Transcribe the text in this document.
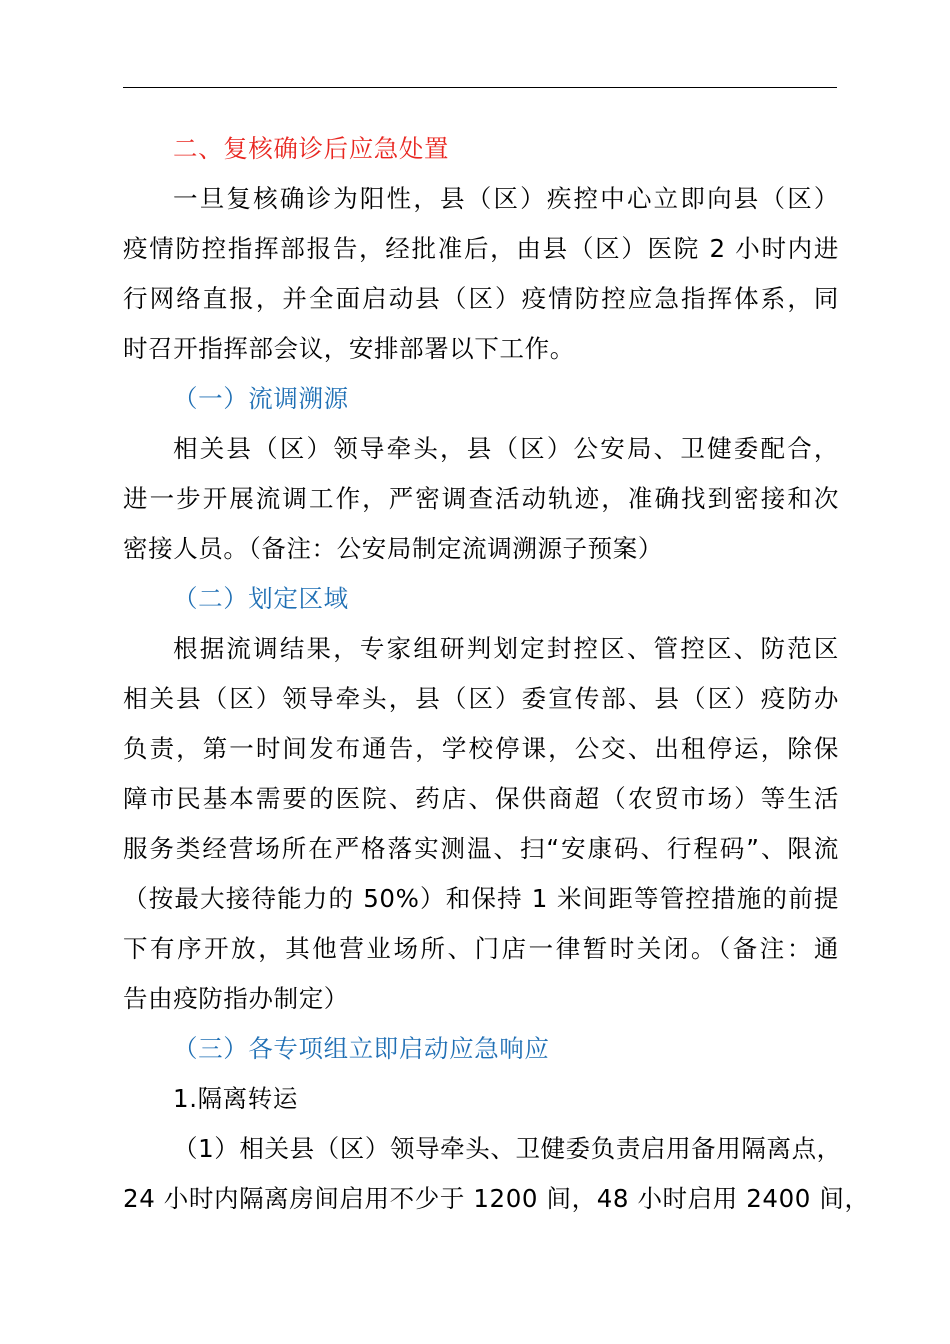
二、复核确诊后应急处置
一旦复核确诊为阳性，县（区）疾控中心立即向县（区）
疫情防控指挥部报告，经批准后，由县（区）医院 2 小时内进
行网络直报，并全面启动县（区）疫情防控应急指挥体系，同
时召开指挥部会议，安排部署以下工作。
（一）流调溯源
相关县（区）领导牵头，县（区）公安局、卫健委配合，
进一步开展流调工作，严密调查活动轨迹，准确找到密接和次
密接人员。（备注：公安局制定流调溯源子预案）
（二）划定区域
根据流调结果，专家组研判划定封控区、管控区、防范区
相关县（区）领导牵头，县（区）委宣传部、县（区）疫防办
负责，第一时间发布通告，学校停课，公交、出租停运，除保
障市民基本需要的医院、药店、保供商超（农贸市场）等生活
服务类经营场所在严格落实测温、扫“安康码、行程码”、限流
（按最大接待能力的 50%）和保持 1 米间距等管控措施的前提
下有序开放，其他营业场所、门店一律暂时关闭。（备注：通
告由疫防指办制定）
（三）各专项组立即启动应急响应
1.隔离转运
（1）相关县（区）领导牵头、卫健委负责启用备用隔离点，
24 小时内隔离房间启用不少于 1200 间，48 小时启用 2400 间，
